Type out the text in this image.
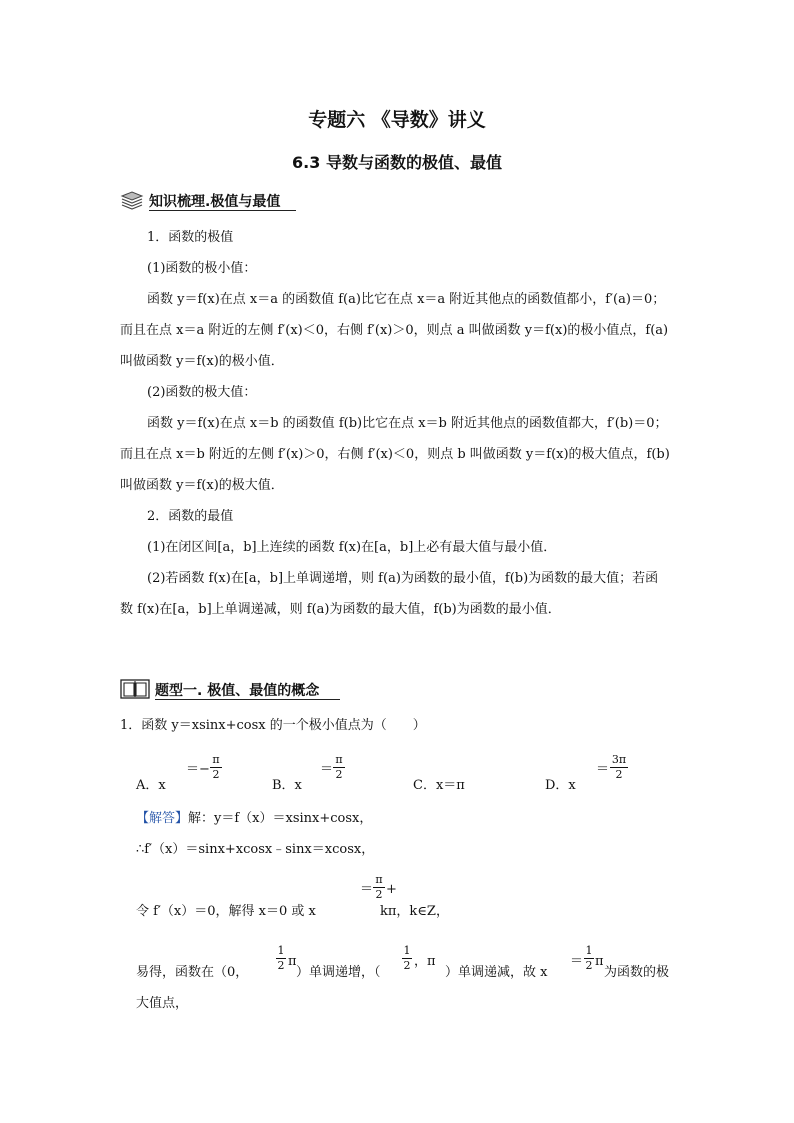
专题六 《导数》讲义
6.3 导数与函数的极值、最值
知识梳理.极值与最值
1．函数的极值
(1)函数的极小值：
函数 y＝f(x)在点 x＝a 的函数值 f(a)比它在点 x＝a 附近其他点的函数值都小，f′(a)＝0；
而且在点 x＝a 附近的左侧 f′(x)＜0，右侧 f′(x)＞0，则点 a 叫做函数 y＝f(x)的极小值点，f(a)
叫做函数 y＝f(x)的极小值．
(2)函数的极大值：
函数 y＝f(x)在点 x＝b 的函数值 f(b)比它在点 x＝b 附近其他点的函数值都大，f′(b)＝0；
而且在点 x＝b 附近的左侧 f′(x)＞0，右侧 f′(x)＜0，则点 b 叫做函数 y＝f(x)的极大值点，f(b)
叫做函数 y＝f(x)的极大值．
2．函数的最值
(1)在闭区间[a，b]上连续的函数 f(x)在[a，b]上必有最大值与最小值．
(2)若函数 f(x)在[a，b]上单调递增，则 f(a)为函数的最小值，f(b)为函数的最大值；若函
数 f(x)在[a，b]上单调递减，则 f(a)为函数的最大值，f(b)为函数的最小值．
题型一. 极值、最值的概念
1．函数 y＝xsinx+cosx 的一个极小值点为（　　）
A．x
＝−
π
2
B．x
＝
π
2
C．x＝π	D．x
＝
3π
2
【解答】解：y＝f（x）＝xsinx+cosx，
∴f′（x）＝sinx+xcosx﹣sinx＝xcosx，
令 f′（x）＝0，解得 x＝0 或 x
＝
π
2 +
kπ，k∈Z，
易得，函数在（0，
1
2 π
）单调递增，（
1
2 ，π
）单调递减，故 x
＝
1
2 π
为函数的极
大值点，
